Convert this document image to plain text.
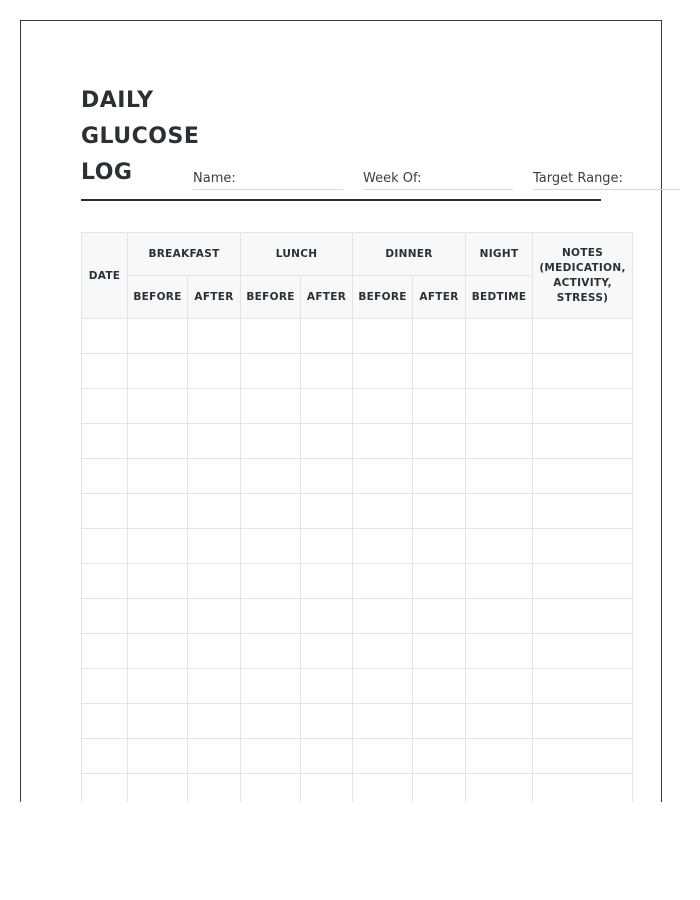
DAILY
GLUCOSE
LOG	Name:	Week Of:	Target Range:
DATE	BREAKFAST		LUNCH		DINNER		NIGHT	NOTES (MEDICATION, ACTIVITY, STRESS)
	BEFORE	AFTER	BEFORE	AFTER	BEFORE	AFTER	BEDTIME	
